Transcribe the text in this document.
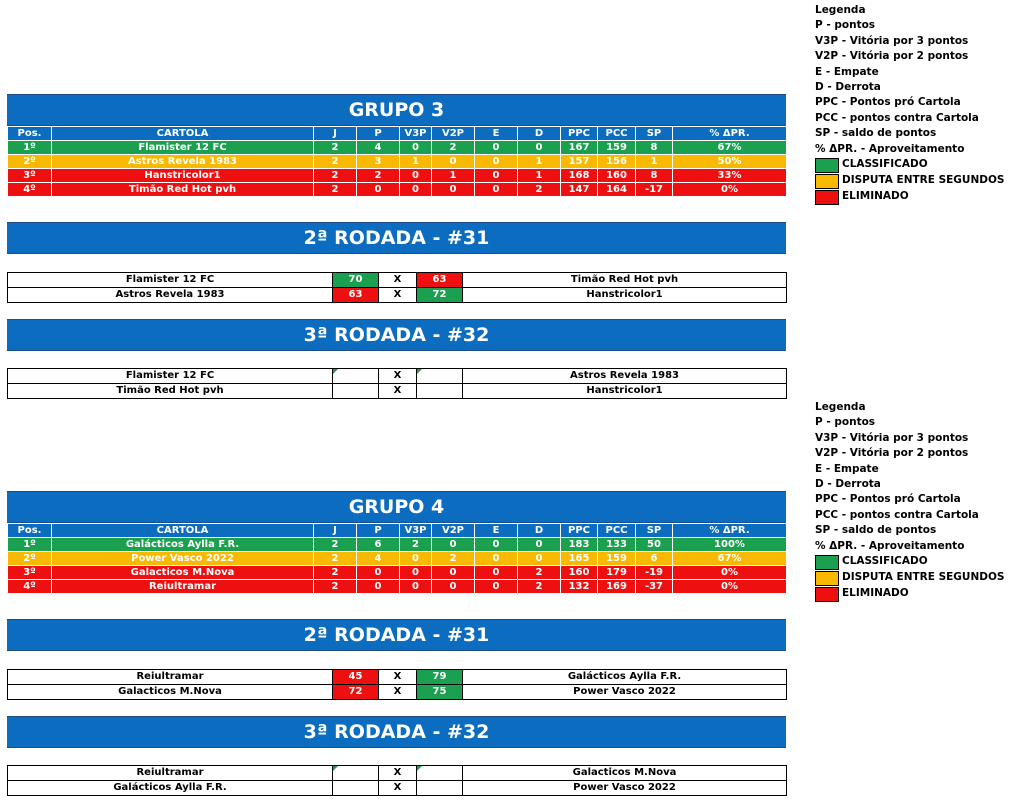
GRUPO 3
Pos.	CARTOLA	J	P	V3P	V2P	E	D	PPC	PCC	SP	% ΔPR.
1º	Flamister 12 FC	2	4	0	2	0	0	167	159	8	67%
2º	Astros Revela 1983	2	3	1	0	0	1	157	156	1	50%
3º	Hanstricolor1	2	2	0	1	0	1	168	160	8	33%
4º	Timão Red Hot pvh	2	0	0	0	0	2	147	164	-17	0%
2ª RODADA - #31
Flamister 12 FC	70	X	63	Timão Red Hot pvh
Astros Revela 1983	63	X	72	Hanstricolor1
3ª RODADA - #32
Flamister 12 FC		X		Astros Revela 1983
Timão Red Hot pvh		X		Hanstricolor1
GRUPO 4
Pos.	CARTOLA	J	P	V3P	V2P	E	D	PPC	PCC	SP	% ΔPR.
1º	Galácticos Aylla F.R.	2	6	2	0	0	0	183	133	50	100%
2º	Power Vasco 2022	2	4	0	2	0	0	165	159	6	67%
3º	Galacticos M.Nova	2	0	0	0	0	2	160	179	-19	0%
4º	Reiultramar	2	0	0	0	0	2	132	169	-37	0%
2ª RODADA - #31
Reiultramar	45	X	79	Galácticos Aylla F.R.
Galacticos M.Nova	72	X	75	Power Vasco 2022
3ª RODADA - #32
Reiultramar		X		Galacticos M.Nova
Galácticos Aylla F.R.		X		Power Vasco 2022
Legenda
P - pontos
V3P - Vitória por 3 pontos
V2P - Vitória por 2 pontos
E - Empate
D - Derrota
PPC - Pontos pró Cartola
PCC - pontos contra Cartola
SP - saldo de pontos
% ΔPR. - Aproveitamento
CLASSIFICADO
DISPUTA ENTRE SEGUNDOS
ELIMINADO
Legenda
P - pontos
V3P - Vitória por 3 pontos
V2P - Vitória por 2 pontos
E - Empate
D - Derrota
PPC - Pontos pró Cartola
PCC - pontos contra Cartola
SP - saldo de pontos
% ΔPR. - Aproveitamento
CLASSIFICADO
DISPUTA ENTRE SEGUNDOS
ELIMINADO
